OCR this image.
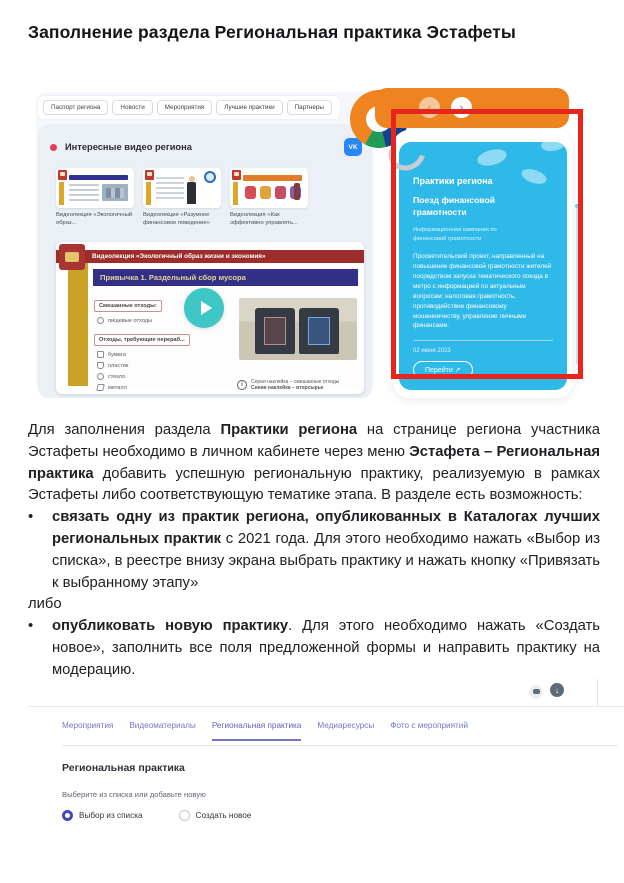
Заполнение раздела Региональная практика Эстафеты
Паспорт региона	Новости	Мероприятия	Лучшие практики	Партнеры
Интересные видео региона	VK
Видеолекция «Экологичный образ...
Видеолекция «Разумное финансовое поведение»
Видеолекция «Как эффективно управлять...
Видеолекция «Экологичный образ жизни и экономия»
Привычка 1. Раздельный сбор мусора
Смешанные отходы:
пищевые отходы
Отходы, требующие перераб...
бумага
пластик
стекло
металл	i
Серая наклейка – смешанные отходы
Синяя наклейка – вторсырье
‹	›
Практики региона
Поезд финансовой грамотности
Информационная кампания по финансовой грамотности
Просветительский проект, направленный на повышение финансовой грамотности жителей посредством запуска тематического поезда в метро с информацией по актуальным вопросам: налоговая грамотность, противодействие финансовому мошенничеству, управление личными финансами.
02 июня 2023
Перейти ↗

Для заполнения раздела Практики региона на странице региона участника Эстафеты необходимо в личном кабинете через меню Эстафета – Региональная практика добавить успешную региональную практику, реализуемую в рамках Эстафеты либо соответствующую тематике этапа. В разделе есть возможность:

•	связать одну из практик региона, опубликованных в Каталогах лучших региональных практик с 2021 года. Для этого необходимо нажать «Выбор из списка», в реестре внизу экрана выбрать практику и нажать кнопку «Привязать к выбранному этапу»

либо

•	опубликовать новую практику. Для этого необходимо нажать «Создать новое», заполнить все поля предложенной формы и направить практику на модерацию.
↓
Мероприятия Видеоматериалы Региональная практика Медиаресурсы Фото с мероприятий
Региональная практика
Выберите из списка или добавьте новую
Выбор из списка	Создать новое
